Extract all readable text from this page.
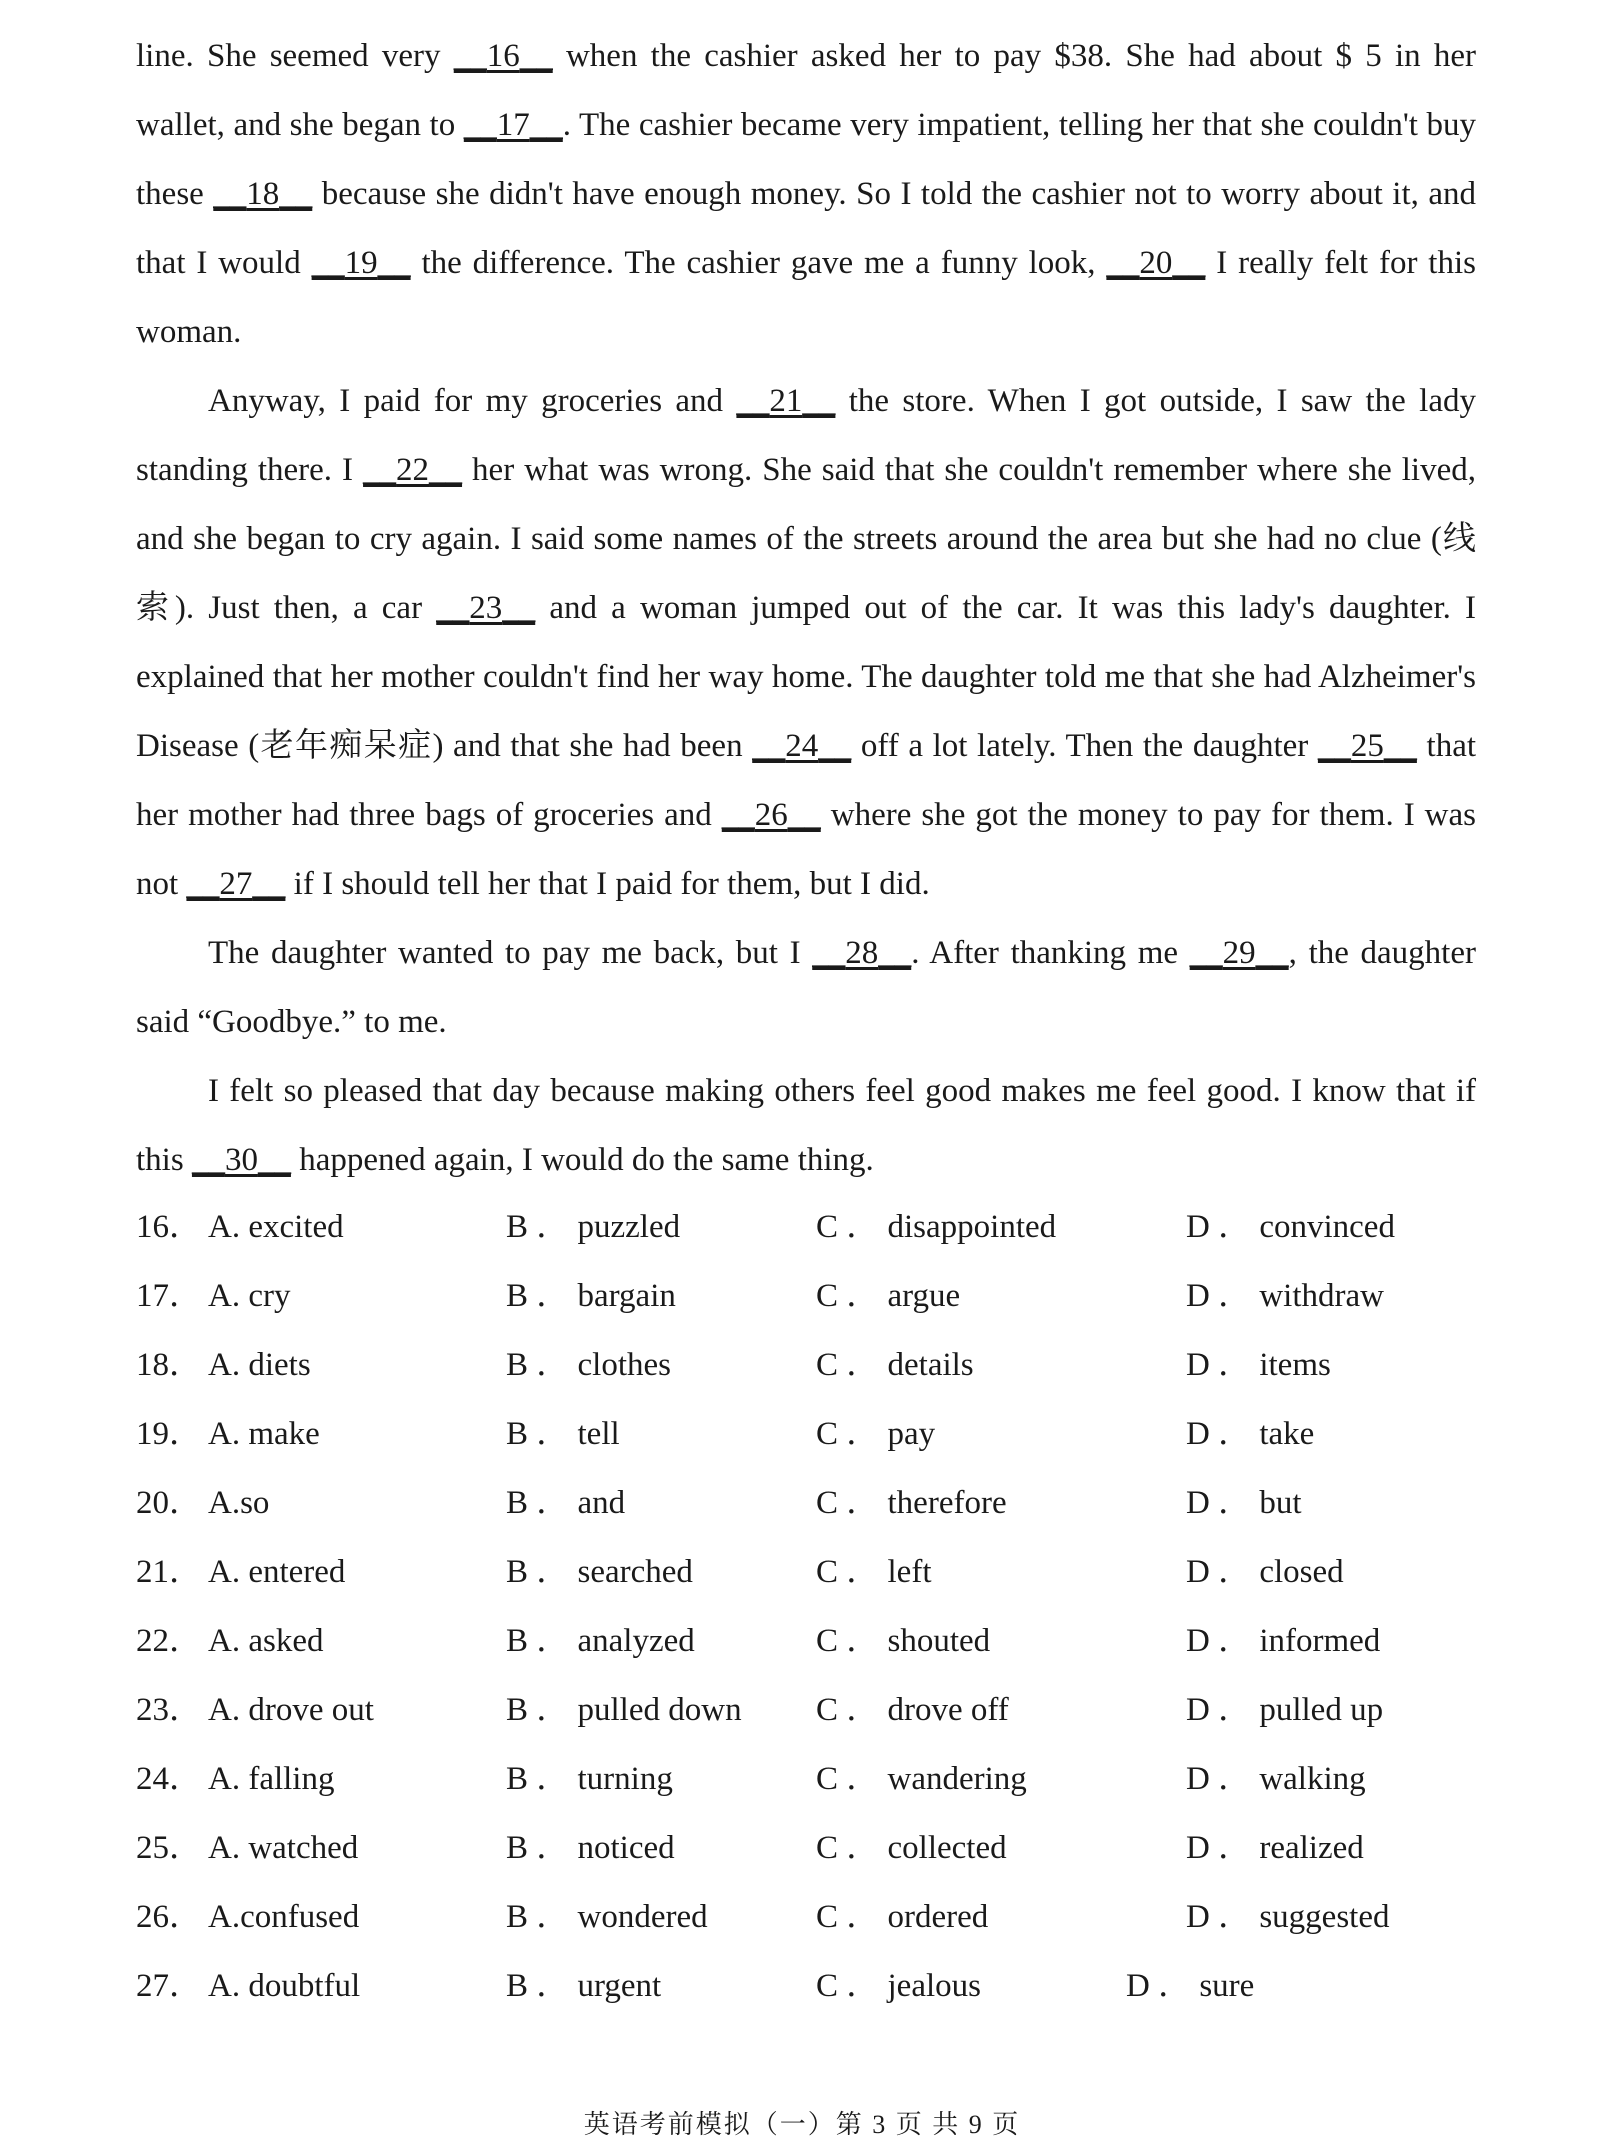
line. She seemed very __16__ when the cashier asked her to pay $38. She had about $ 5 in her wallet, and she began to __17__. The cashier became very impatient, telling her that she couldn't buy these __18__ because she didn't have enough money. So I told the cashier not to worry about it, and that I would __19__ the difference. The cashier gave me a funny look, __20__ I really felt for this woman.

Anyway, I paid for my groceries and __21__ the store. When I got outside, I saw the lady standing there. I __22__ her what was wrong. She said that she couldn't remember where she lived, and she began to cry again. I said some names of the streets around the area but she had no clue (线索). Just then, a car __23__ and a woman jumped out of the car. It was this lady's daughter. I explained that her mother couldn't find her way home. The daughter told me that she had Alzheimer's Disease (老年痴呆症) and that she had been __24__ off a lot lately. Then the daughter __25__ that her mother had three bags of groceries and __26__ where she got the money to pay for them. I was not __27__ if I should tell her that I paid for them, but I did.

The daughter wanted to pay me back, but I __28__. After thanking me __29__, the daughter said “Goodbye.” to me.

I felt so pleased that day because making others feel good makes me feel good. I know that if this __30__ happened again, I would do the same thing.

16． A. excited	B ． puzzled	C ． disappointed	D ． convinced
17． A. cry	B ． bargain	C ． argue	D ． withdraw
18． A. diets	B ． clothes	C ． details	D ． items
19． A. make	B ． tell	C ． pay	D ． take
20． A.so	B ． and	C ． therefore	D ． but
21． A. entered	B ． searched	C ． left	D ． closed
22． A. asked	B ． analyzed	C ． shouted	D ． informed
23． A. drove out	B ． pulled down C ． drove off	D ． pulled up
24． A. falling	B ． turning	C ． wandering	D ． walking
25． A. watched	B ． noticed	C ． collected	D ． realized
26． A.confused	B ． wondered	C ． ordered	D ． suggested
27． A. doubtful	B ． urgent	C ． jealous	D ． sure
英语考前模拟（一）第 3 页 共 9 页
